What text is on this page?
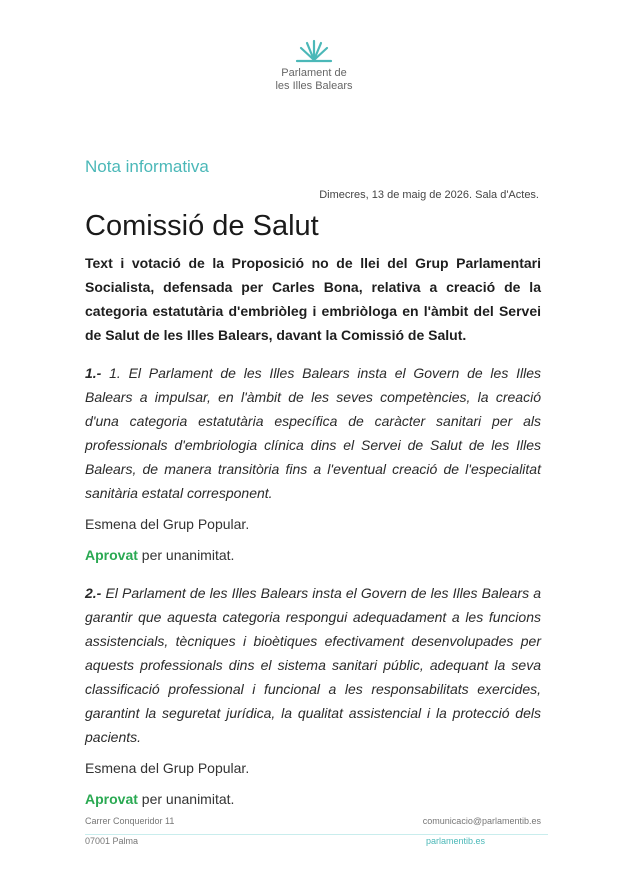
Parlament de
les Illes Balears
Nota informativa
Dimecres, 13 de maig de 2026. Sala d'Actes.
Comissió de Salut

Text i votació de la Proposició no de llei del Grup Parlamentari Socialista, defensada per Carles Bona, relativa a creació de la categoria estatutària d'embriòleg i embriòloga en l'àmbit del Servei de Salut de les Illes Balears, davant la Comissió de Salut.

1.- 1. El Parlament de les Illes Balears insta el Govern de les Illes Balears a impulsar, en l'àmbit de les seves competències, la creació d'una categoria estatutària específica de caràcter sanitari per als professionals d'embriologia clínica dins el Servei de Salut de les Illes Balears, de manera transitòria fins a l'eventual creació de l'especialitat sanitària estatal corresponent.

Esmena del Grup Popular.

Aprovat per unanimitat.

2.- El Parlament de les Illes Balears insta el Govern de les Illes Balears a garantir que aquesta categoria respongui adequadament a les funcions assistencials, tècniques i bioètiques efectivament desenvolupades per aquests professionals dins el sistema sanitari públic, adequant la seva classificació professional i funcional a les responsabilitats exercides, garantint la seguretat jurídica, la qualitat assistencial i la protecció dels pacients.

Esmena del Grup Popular.

Aprovat per unanimitat.

Carrer Conqueridor 11
07001 Palma
comunicacio@parlamentib.es
parlamentib.es
